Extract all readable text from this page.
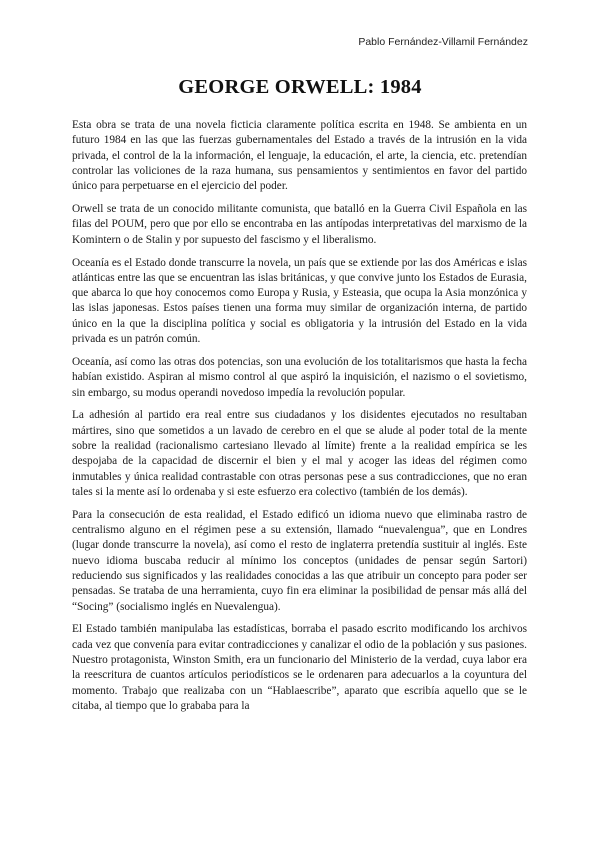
Pablo Fernández-Villamil Fernández
GEORGE ORWELL: 1984

Esta obra se trata de una novela ficticia claramente política escrita en 1948. Se ambienta en un futuro 1984 en las que las fuerzas gubernamentales del Estado a través de la intrusión en la vida privada, el control de la la información, el lenguaje, la educación, el arte, la ciencia, etc. pretendían controlar las voliciones de la raza humana, sus pensamientos y sentimientos en favor del partido único para perpetuarse en el ejercicio del poder.

Orwell se trata de un conocido militante comunista, que batalló en la Guerra Civil Española en las filas del POUM, pero que por ello se encontraba en las antípodas interpretativas del marxismo de la Komintern o de Stalin y por supuesto del fascismo y el liberalismo.

Oceanía es el Estado donde transcurre la novela, un país que se extiende por las dos Américas e islas atlánticas entre las que se encuentran las islas británicas, y que convive junto los Estados de Eurasia, que abarca lo que hoy conocemos como Europa y Rusia, y Esteasia, que ocupa la Asia monzónica y las islas japonesas. Estos países tienen una forma muy similar de organización interna, de partido único en la que la disciplina política y social es obligatoria y la intrusión del Estado en la vida privada es un patrón común.

Oceanía, así como las otras dos potencias, son una evolución de los totalitarismos que hasta la fecha habían existido. Aspiran al mismo control al que aspiró la inquisición, el nazismo o el sovietismo, sin embargo, su modus operandi novedoso impedía la revolución popular.

La adhesión al partido era real entre sus ciudadanos y los disidentes ejecutados no resultaban mártires, sino que sometidos a un lavado de cerebro en el que se alude al poder total de la mente sobre la realidad (racionalismo cartesiano llevado al límite) frente a la realidad empírica se les despojaba de la capacidad de discernir el bien y el mal y acoger las ideas del régimen como inmutables y única realidad contrastable con otras personas pese a sus contradicciones, que no eran tales si la mente así lo ordenaba y si este esfuerzo era colectivo (también de los demás).

Para la consecución de esta realidad, el Estado edificó un idioma nuevo que eliminaba rastro de centralismo alguno en el régimen pese a su extensión, llamado “nuevalengua”, que en Londres (lugar donde transcurre la novela), así como el resto de inglaterra pretendía sustituir al inglés. Este nuevo idioma buscaba reducir al mínimo los conceptos (unidades de pensar según Sartori) reduciendo sus significados y las realidades conocidas a las que atribuir un concepto para poder ser pensadas. Se trataba de una herramienta, cuyo fin era eliminar la posibilidad de pensar más allá del “Socing” (socialismo inglés en Nuevalengua).

El Estado también manipulaba las estadísticas, borraba el pasado escrito modificando los archivos cada vez que convenía para evitar contradicciones y canalizar el odio de la población y sus pasiones. Nuestro protagonista, Winston Smith, era un funcionario del Ministerio de la verdad, cuya labor era la reescritura de cuantos artículos periodísticos se le ordenaren para adecuarlos a la coyuntura del momento. Trabajo que realizaba con un “Hablaescribe”, aparato que escribía aquello que se le citaba, al tiempo que lo grababa para la
